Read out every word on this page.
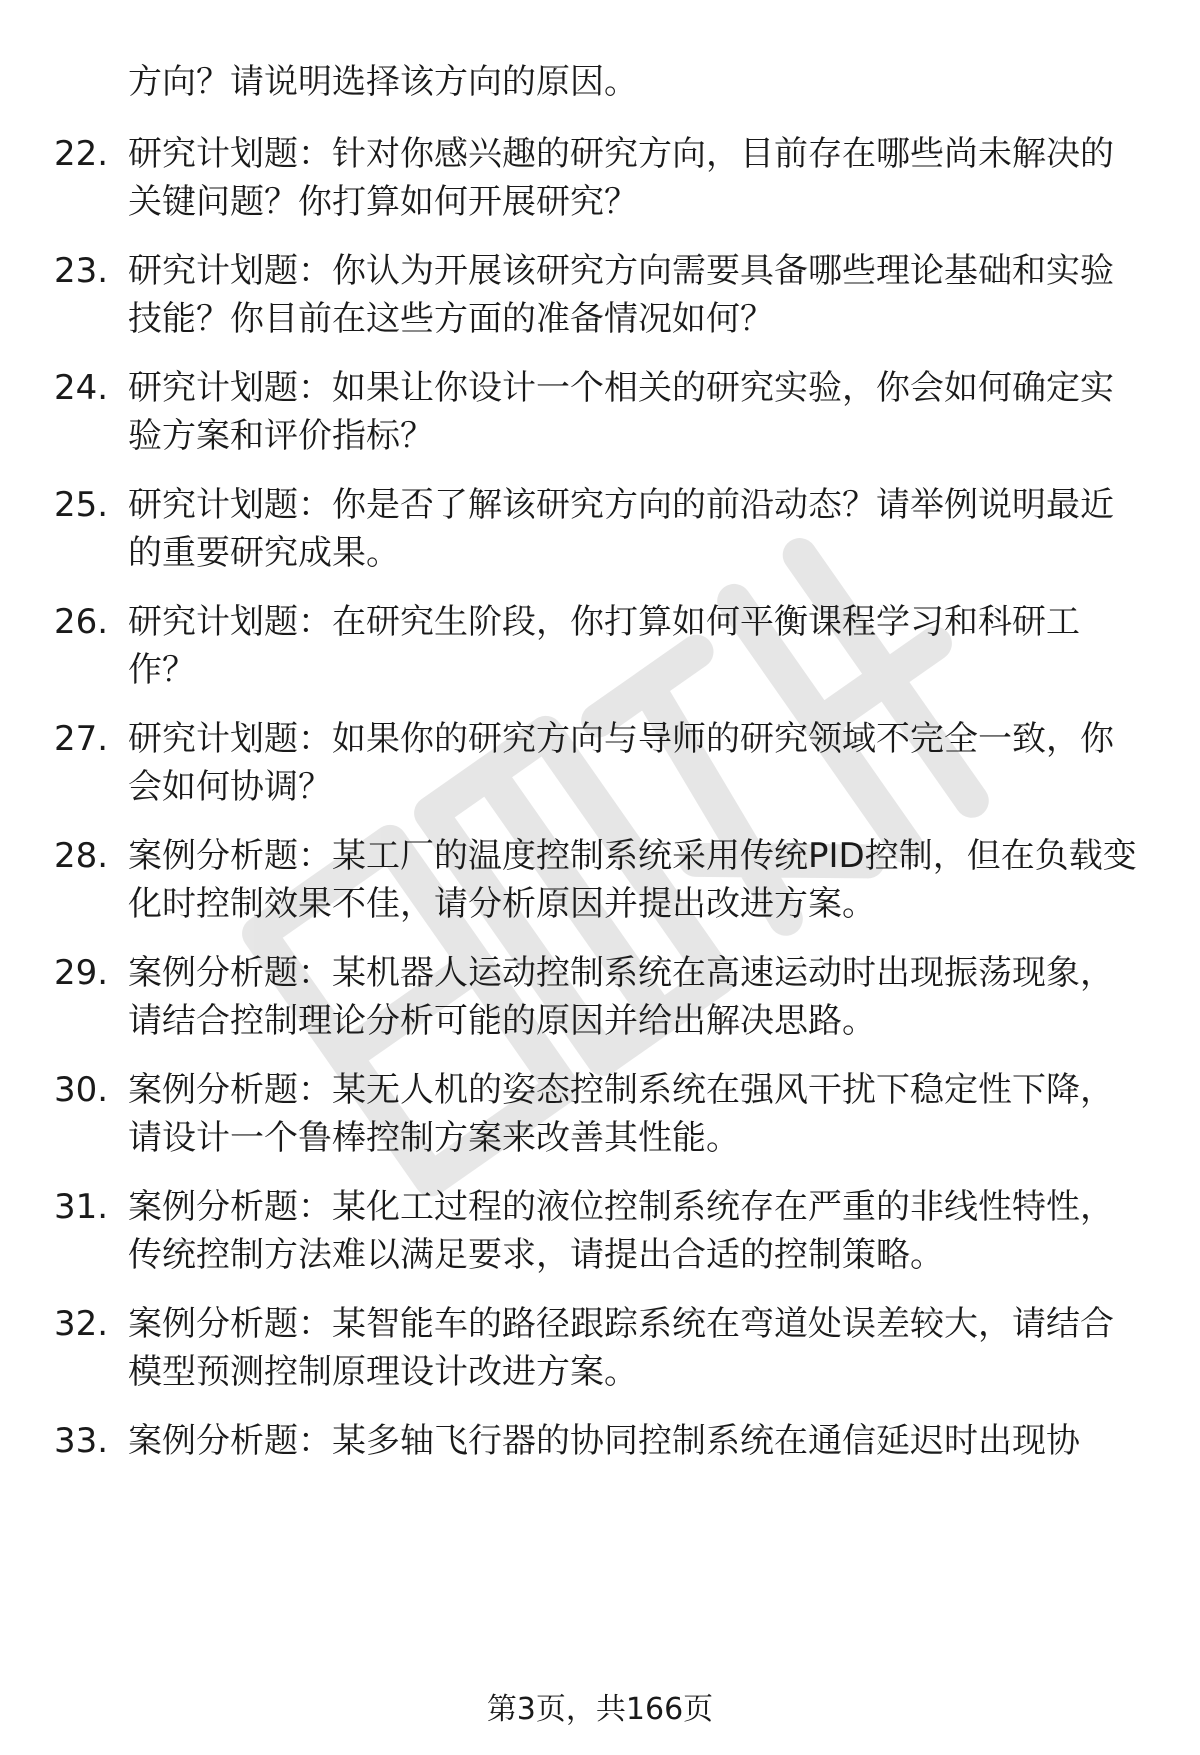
方向？请说明选择该方向的原因。

22. 研究计划题：针对你感兴趣的研究方向，目前存在哪些尚未解决的关键问题？你打算如何开展研究？

23. 研究计划题：你认为开展该研究方向需要具备哪些理论基础和实验技能？你目前在这些方面的准备情况如何？

24. 研究计划题：如果让你设计一个相关的研究实验，你会如何确定实验方案和评价指标？

25. 研究计划题：你是否了解该研究方向的前沿动态？请举例说明最近的重要研究成果。

26. 研究计划题：在研究生阶段，你打算如何平衡课程学习和科研工作？

27. 研究计划题：如果你的研究方向与导师的研究领域不完全一致，你会如何协调？

28. 案例分析题：某工厂的温度控制系统采用传统PID控制，但在负载变化时控制效果不佳，请分析原因并提出改进方案。

29. 案例分析题：某机器人运动控制系统在高速运动时出现振荡现象，请结合控制理论分析可能的原因并给出解决思路。

30. 案例分析题：某无人机的姿态控制系统在强风干扰下稳定性下降，请设计一个鲁棒控制方案来改善其性能。

31. 案例分析题：某化工过程的液位控制系统存在严重的非线性特性，传统控制方法难以满足要求，请提出合适的控制策略。

32. 案例分析题：某智能车的路径跟踪系统在弯道处误差较大，请结合模型预测控制原理设计改进方案。

33. 案例分析题：某多轴飞行器的协同控制系统在通信延迟时出现协

第3页，共166页
